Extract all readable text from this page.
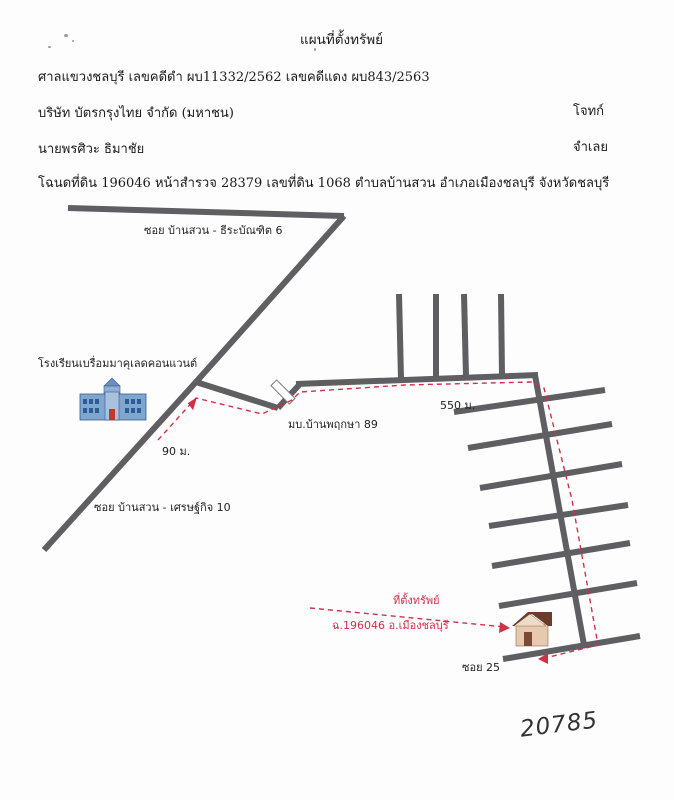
แผนที่ตั้งทรัพย์
ศาลแขวงชลบุรี เลขคดีดำ ผบ11332/2562 เลขคดีแดง ผบ843/2563
บริษัท บัตรกรุงไทย จำกัด (มหาชน)	โจทก์
นายพรศิวะ ธิมาชัย	จำเลย
โฉนดที่ดิน 196046 หน้าสำรวจ 28379 เลขที่ดิน 1068 ตำบลบ้านสวน อำเภอเมืองชลบุรี จังหวัดชลบุรี
ซอย บ้านสวน - ธีระบัณฑิต 6
โรงเรียนเบรื่อมมาคุเลดคอนแวนต์
90 ม.
มบ.บ้านพฤกษา 89
550 ม.
ซอย บ้านสวน - เศรษฐ์กิจ 10
ที่ตั้งทรัพย์
ฉ.196046 อ.เมืองชลบุรี
ซอย 25
20785
